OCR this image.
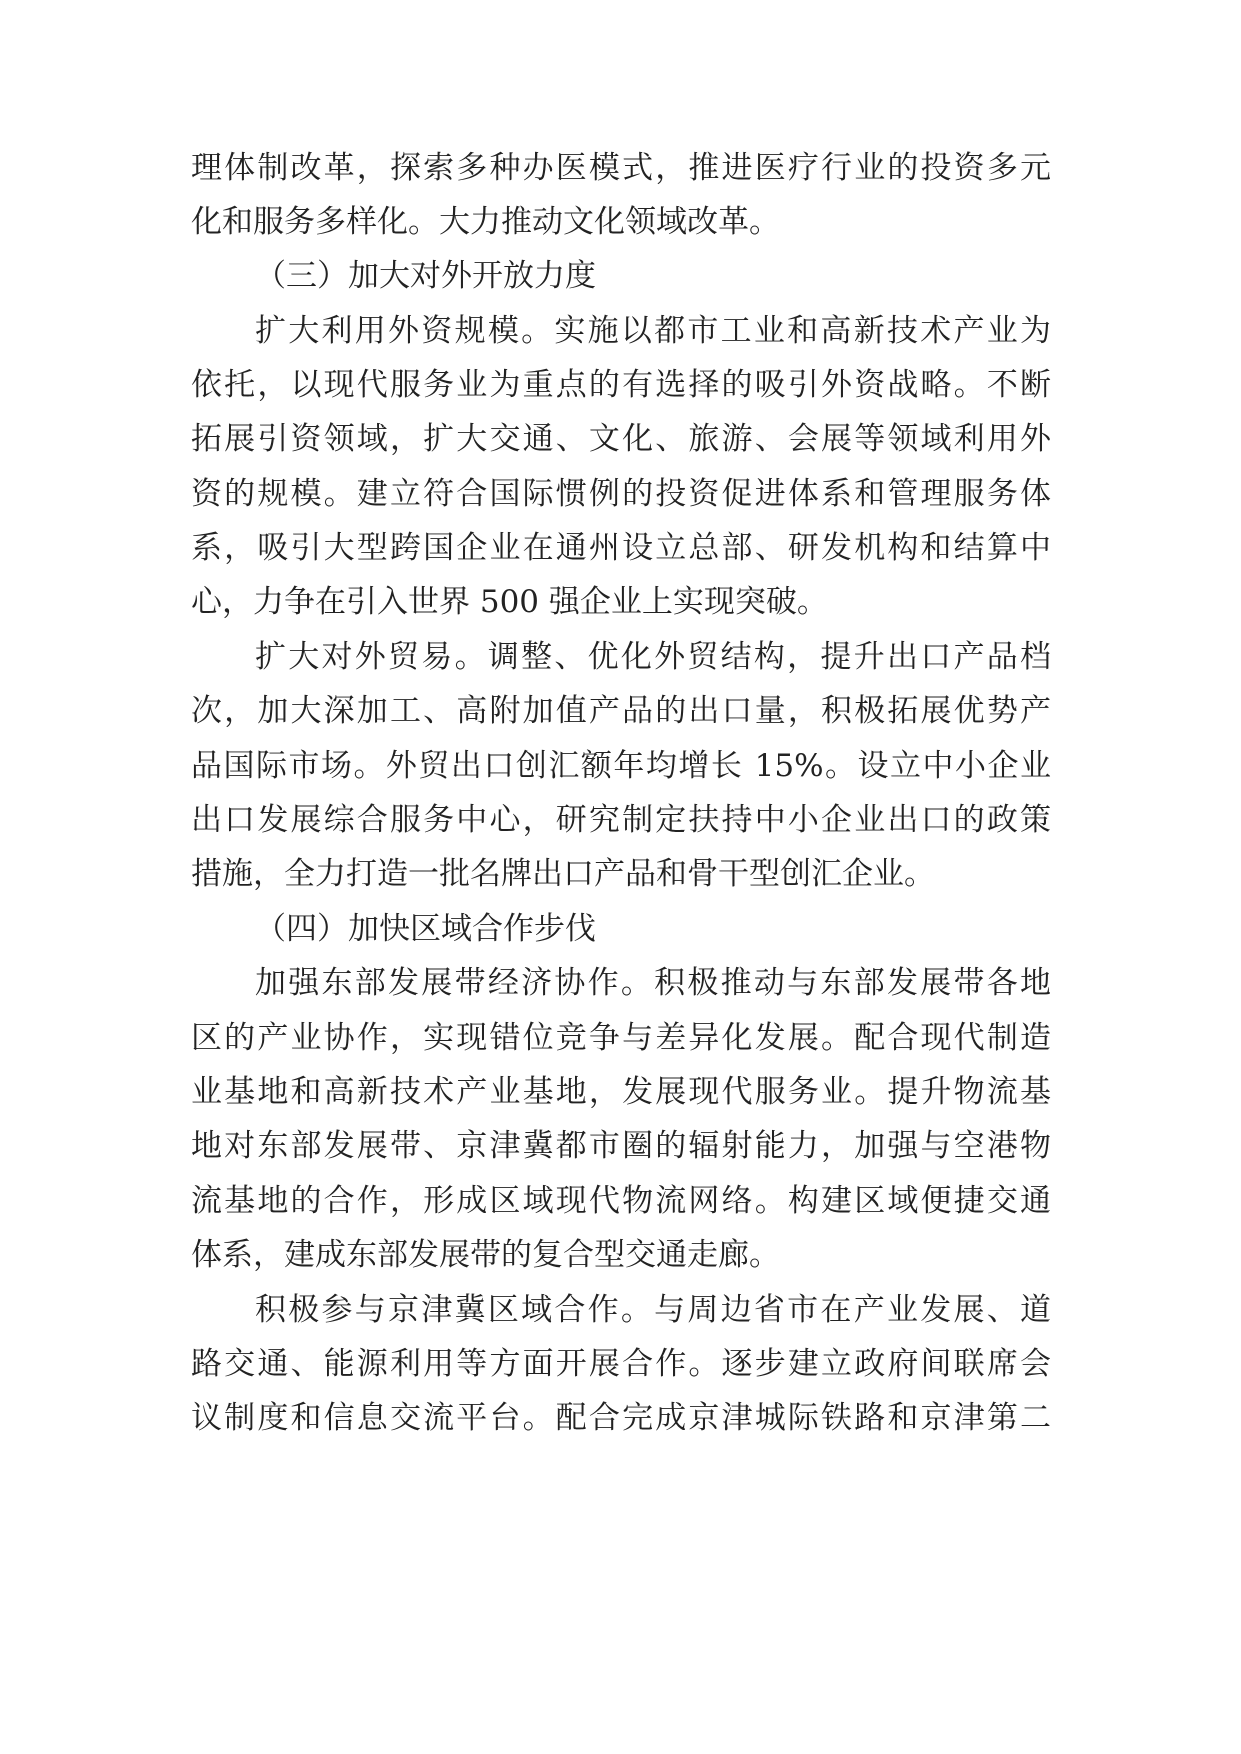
理体制改革，探索多种办医模式，推进医疗行业的投资多元
化和服务多样化。大力推动文化领域改革。
（三）加大对外开放力度
扩大利用外资规模。实施以都市工业和高新技术产业为
依托，以现代服务业为重点的有选择的吸引外资战略。不断
拓展引资领域，扩大交通、文化、旅游、会展等领域利用外
资的规模。建立符合国际惯例的投资促进体系和管理服务体
系，吸引大型跨国企业在通州设立总部、研发机构和结算中
心，力争在引入世界 500 强企业上实现突破。
扩大对外贸易。调整、优化外贸结构，提升出口产品档
次，加大深加工、高附加值产品的出口量，积极拓展优势产
品国际市场。外贸出口创汇额年均增长 15%。设立中小企业
出口发展综合服务中心，研究制定扶持中小企业出口的政策
措施，全力打造一批名牌出口产品和骨干型创汇企业。
（四）加快区域合作步伐
加强东部发展带经济协作。积极推动与东部发展带各地
区的产业协作，实现错位竞争与差异化发展。配合现代制造
业基地和高新技术产业基地，发展现代服务业。提升物流基
地对东部发展带、京津冀都市圈的辐射能力，加强与空港物
流基地的合作，形成区域现代物流网络。构建区域便捷交通
体系，建成东部发展带的复合型交通走廊。
积极参与京津冀区域合作。与周边省市在产业发展、道
路交通、能源利用等方面开展合作。逐步建立政府间联席会
议制度和信息交流平台。配合完成京津城际铁路和京津第二
